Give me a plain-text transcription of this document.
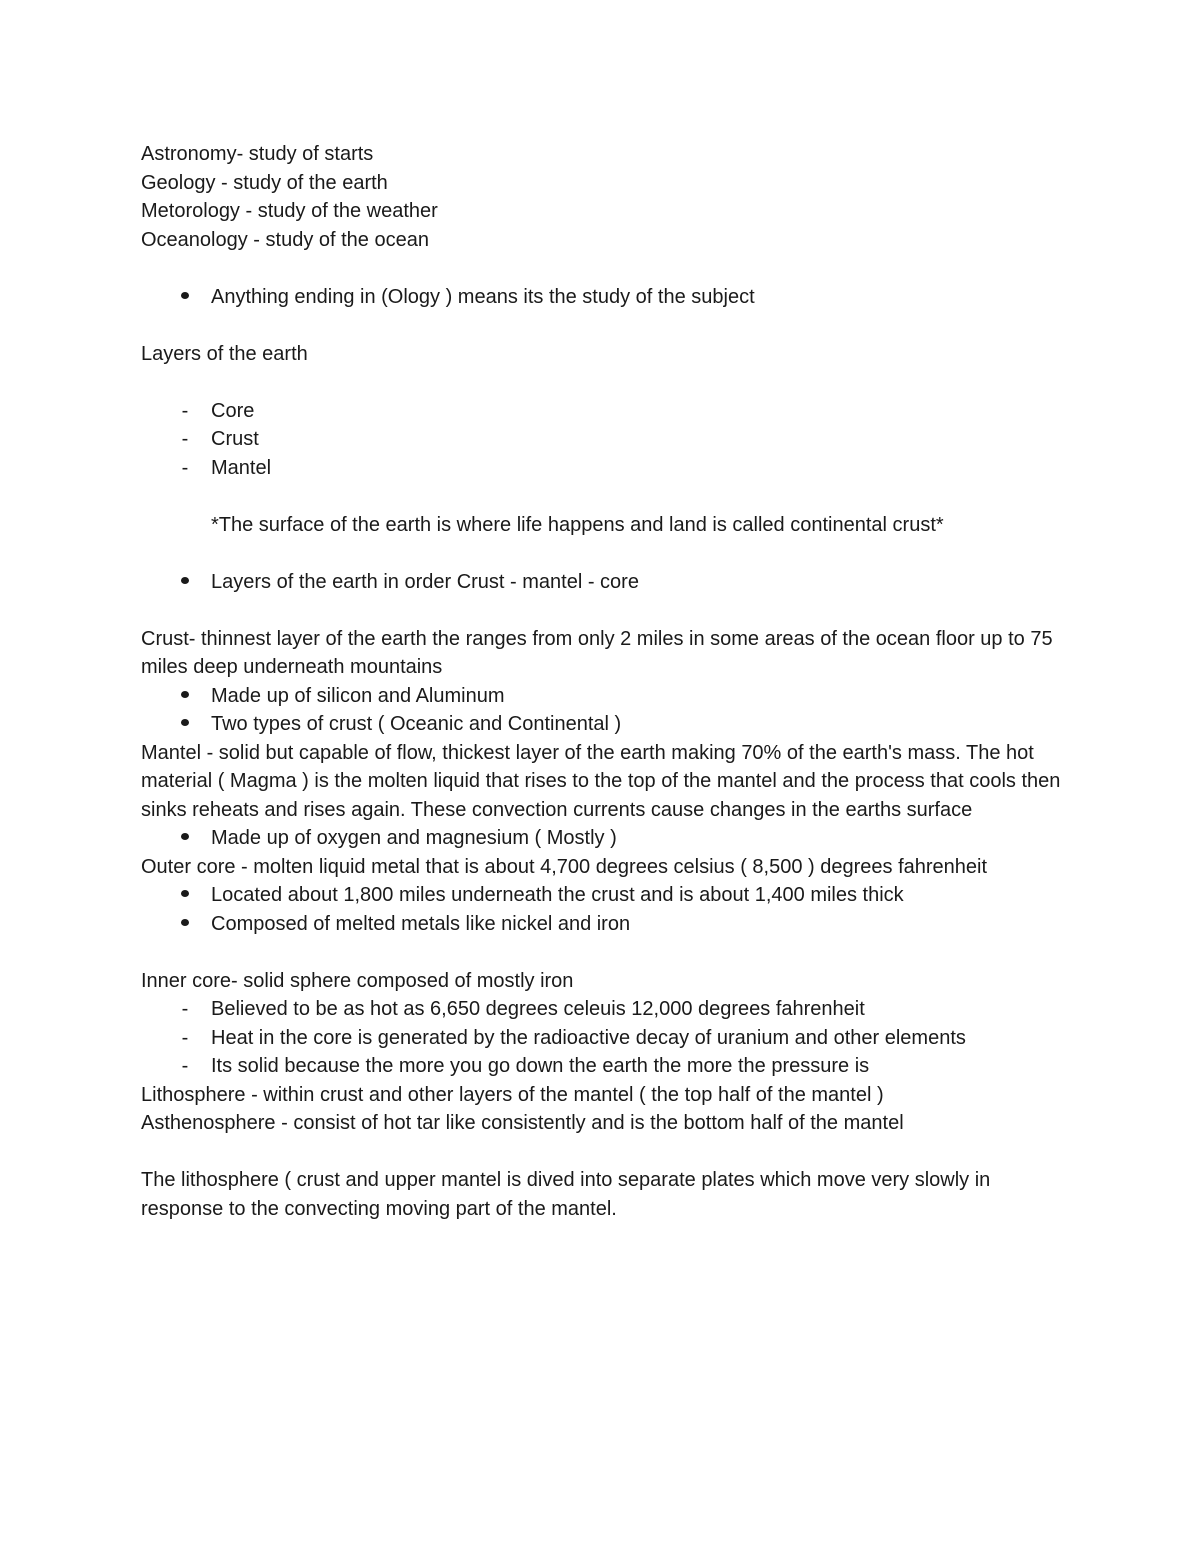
Astronomy- study of starts

Geology - study of the earth

Metorology - study of the weather

Oceanology - study of the ocean

Anything ending in (Ology ) means its the study of the subject

Layers of the earth

-	Core

-	Crust

-	Mantel

*The surface of the earth is where life happens and land is called continental crust*

Layers of the earth in order Crust - mantel - core

Crust- thinnest layer of the earth the ranges from only 2 miles in some areas of the ocean floor up to 75 miles deep underneath mountains

Made up of silicon and Aluminum

Two types of crust ( Oceanic and Continental )

Mantel - solid but capable of flow, thickest layer of the earth making 70% of the earth's mass. The hot material ( Magma ) is the molten liquid that rises to the top of the mantel and the process that cools then sinks reheats and rises again. These convection currents cause changes in the earths surface

Made up of oxygen and magnesium ( Mostly )

Outer core - molten liquid metal that is about 4,700 degrees celsius ( 8,500 ) degrees fahrenheit

Located about 1,800 miles underneath the crust and is about 1,400 miles thick

Composed of melted metals like nickel and iron

Inner core- solid sphere composed of mostly iron

-	Believed to be as hot as 6,650 degrees celeuis 12,000 degrees fahrenheit

-	Heat in the core is generated by the radioactive decay of uranium and other elements

-	Its solid because the more you go down the earth the more the pressure is

Lithosphere - within crust and other layers of the mantel ( the top half of the mantel )

Asthenosphere - consist of hot tar like consistently and is the bottom half of the mantel

The lithosphere ( crust and upper mantel is dived into separate plates which move very slowly in response to the convecting moving part of the mantel.
